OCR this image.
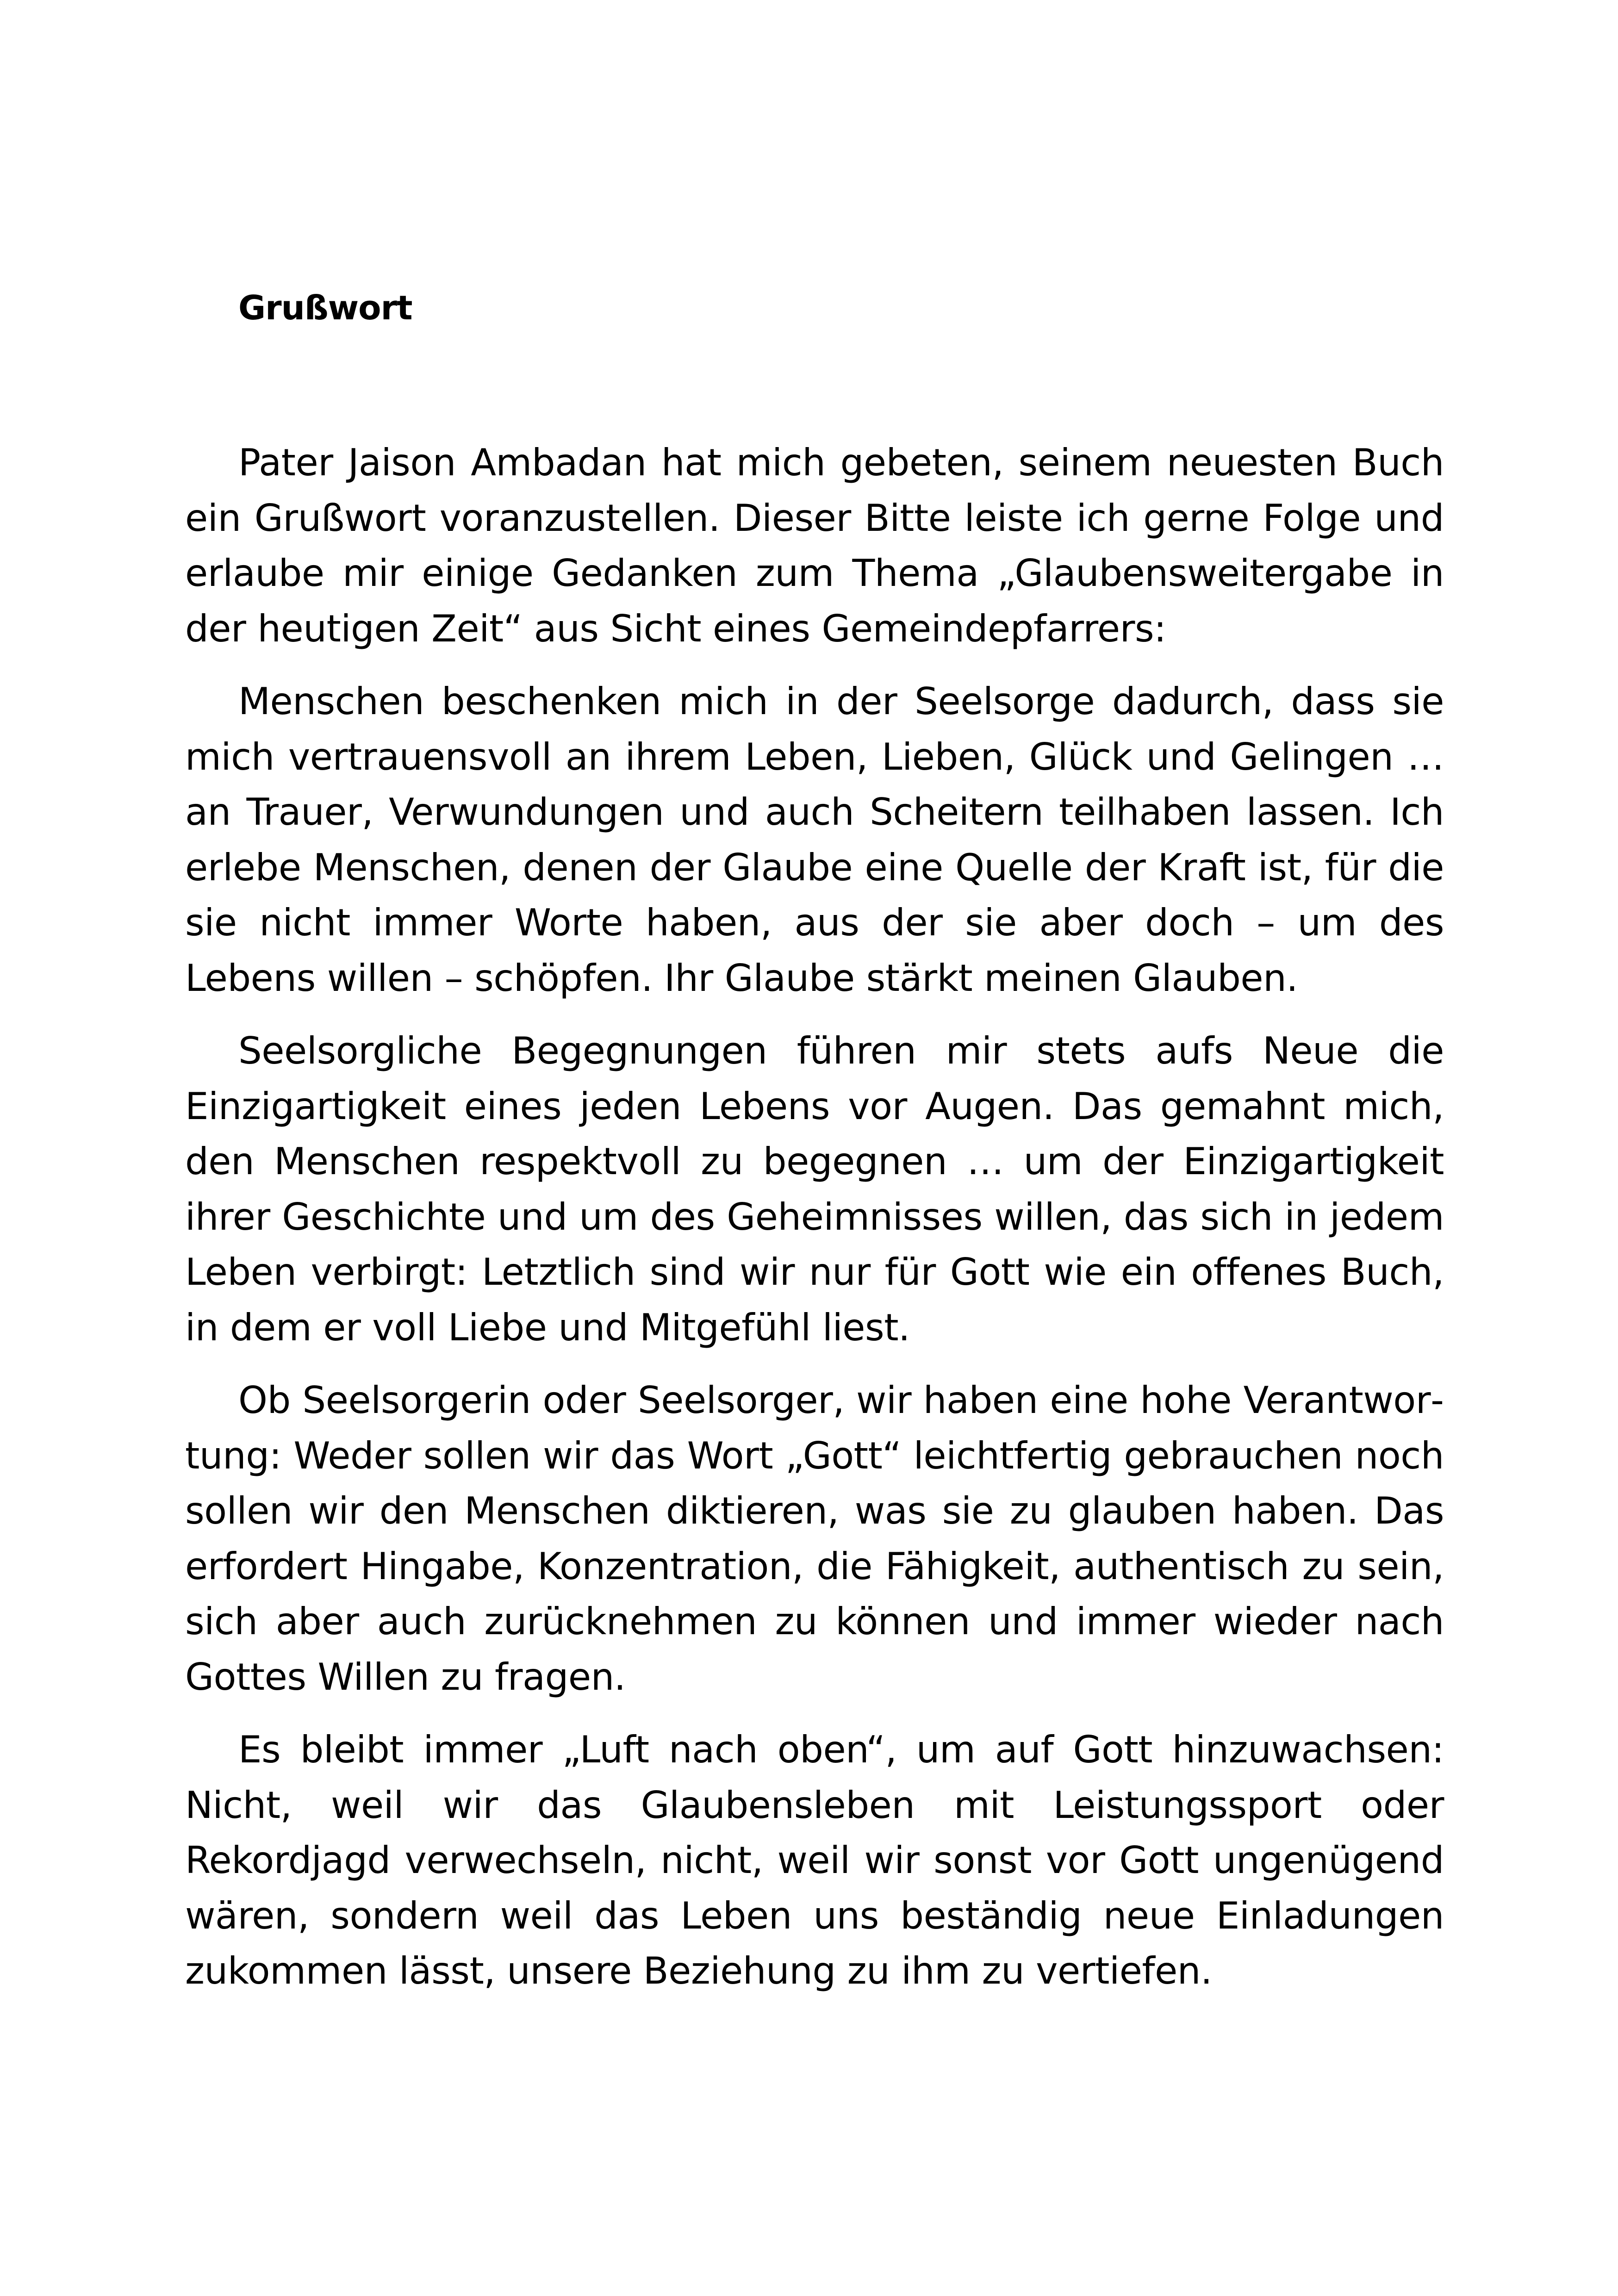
Grußwort

Pater Jaison Ambadan hat mich gebeten, seinem neuesten Buch ein Grußwort voranzustellen. Dieser Bitte leiste ich gerne Folge und erlaube mir einige Gedanken zum Thema „Glaubensweitergabe in der heutigen Zeit“ aus Sicht eines Gemeindepfarrers:

Menschen beschenken mich in der Seelsorge dadurch, dass sie mich vertrauensvoll an ihrem Leben, Lieben, Glück und Gelingen … an Trauer, Verwundungen und auch Scheitern teilhaben lassen. Ich erlebe Menschen, denen der Glaube eine Quelle der Kraft ist, für die sie nicht immer Worte haben, aus der sie aber doch – um des Lebens willen – schöpfen. Ihr Glaube stärkt meinen Glauben.

Seelsorgliche Begegnungen führen mir stets aufs Neue die Einzigartigkeit eines jeden Lebens vor Augen. Das gemahnt mich, den Menschen respektvoll zu begegnen … um der Einzigartigkeit ihrer Geschichte und um des Geheimnisses willen, das sich in jedem Leben verbirgt: Letztlich sind wir nur für Gott wie ein offenes Buch, in dem er voll Liebe und Mitgefühl liest.

Ob Seelsorgerin oder Seelsorger, wir haben eine hohe Verantwortung: Weder sollen wir das Wort „Gott“ leichtfertig gebrauchen noch sollen wir den Menschen diktieren, was sie zu glauben haben. Das erfordert Hingabe, Konzentration, die Fähigkeit, authentisch zu sein, sich aber auch zurücknehmen zu können und immer wieder nach Gottes Willen zu fragen.

Es bleibt immer „Luft nach oben“, um auf Gott hinzuwachsen: Nicht, weil wir das Glaubensleben mit Leistungssport oder Rekordjagd verwechseln, nicht, weil wir sonst vor Gott ungenügend wären, sondern weil das Leben uns beständig neue Einladungen zukommen lässt, unsere Beziehung zu ihm zu vertiefen.
